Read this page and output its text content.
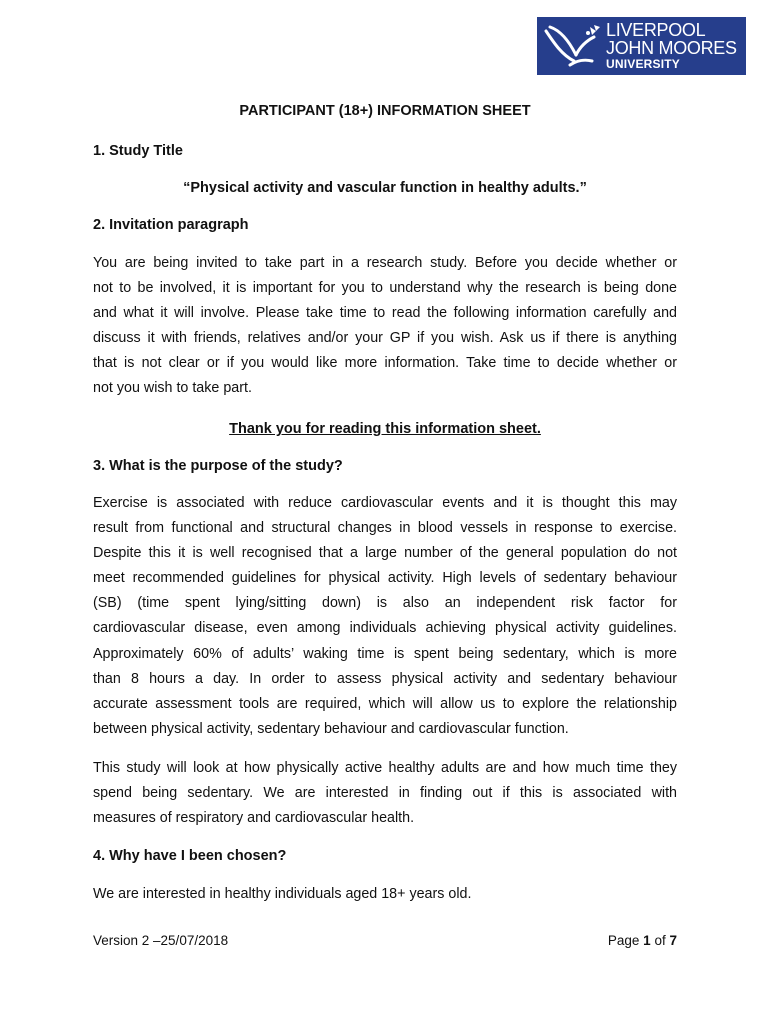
LIVERPOOL
JOHN MOORES
UNIVERSITY
PARTICIPANT (18+) INFORMATION SHEET
1. Study Title
“Physical activity and vascular function in healthy adults.”
2. Invitation paragraph
You are being invited to take part in a research study. Before you decide whether or
not to be involved, it is important for you to understand why the research is being done
and what it will involve. Please take time to read the following information carefully and
discuss it with friends, relatives and/or your GP if you wish. Ask us if there is anything
that is not clear or if you would like more information. Take time to decide whether or
not you wish to take part.
Thank you for reading this information sheet.
3. What is the purpose of the study?
Exercise is associated with reduce cardiovascular events and it is thought this may
result from functional and structural changes in blood vessels in response to exercise.
Despite this it is well recognised that a large number of the general population do not
meet recommended guidelines for physical activity. High levels of sedentary behaviour
(SB) (time spent lying/sitting down) is also an independent risk factor for
cardiovascular disease, even among individuals achieving physical activity guidelines.
Approximately 60% of adults’ waking time is spent being sedentary, which is more
than 8 hours a day. In order to assess physical activity and sedentary behaviour
accurate assessment tools are required, which will allow us to explore the relationship
between physical activity, sedentary behaviour and cardiovascular function.
This study will look at how physically active healthy adults are and how much time they
spend being sedentary. We are interested in finding out if this is associated with
measures of respiratory and cardiovascular health.
4. Why have I been chosen?
We are interested in healthy individuals aged 18+ years old.
Version 2 –25/07/2018	Page 1 of 7
